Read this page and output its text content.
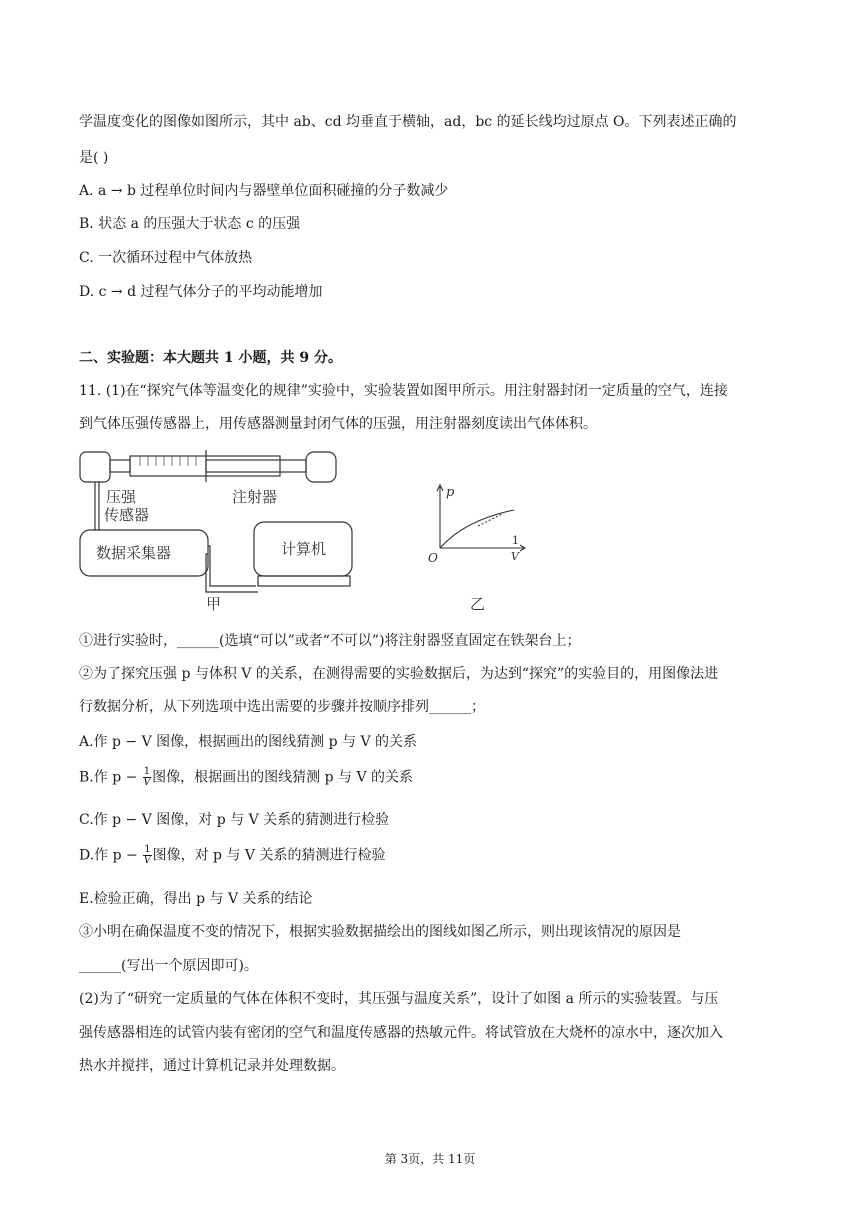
学温度变化的图像如图所示，其中 ab、cd 均垂直于横轴，ad，bc 的延长线均过原点 O。下列表述正确的
是( )
A. a → b 过程单位时间内与器壁单位面积碰撞的分子数减少
B. 状态 a 的压强大于状态 c 的压强
C. 一次循环过程中气体放热
D. c → d 过程气体分子的平均动能增加
二、实验题：本大题共 1 小题，共 9 分。
11. (1)在“探究气体等温变化的规律”实验中，实验装置如图甲所示。用注射器封闭一定质量的空气，连接
到气体压强传感器上，用传感器测量封闭气体的压强，用注射器刻度读出气体体积。
注射器
压强
传感器
数据采集器	计算机
甲
p
O
1
V
乙
①进行实验时，______(选填“可以”或者“不可以”)将注射器竖直固定在铁架台上；
②为了探究压强 p 与体积 V 的关系，在测得需要的实验数据后，为达到“探究”的实验目的，用图像法进
行数据分析，从下列选项中选出需要的步骤并按顺序排列______；
A.作 p − V 图像，根据画出的图线猜测 p 与 V 的关系
B.作 $p - \frac{1}{V}$ 图像，根据画出的图线猜测 p 与 V 的关系
C.作 p − V 图像，对 p 与 V 关系的猜测进行检验
D.作 $p - \frac{1}{V}$ 图像，对 p 与 V 关系的猜测进行检验
E.检验正确，得出 p 与 V 关系的结论
③小明在确保温度不变的情况下，根据实验数据描绘出的图线如图乙所示，则出现该情况的原因是
______(写出一个原因即可)。
(2)为了“研究一定质量的气体在体积不变时，其压强与温度关系”，设计了如图 a 所示的实验装置。与压
强传感器相连的试管内装有密闭的空气和温度传感器的热敏元件。将试管放在大烧杯的凉水中，逐次加入
热水并搅拌，通过计算机记录并处理数据。
第 3页，共 11页
